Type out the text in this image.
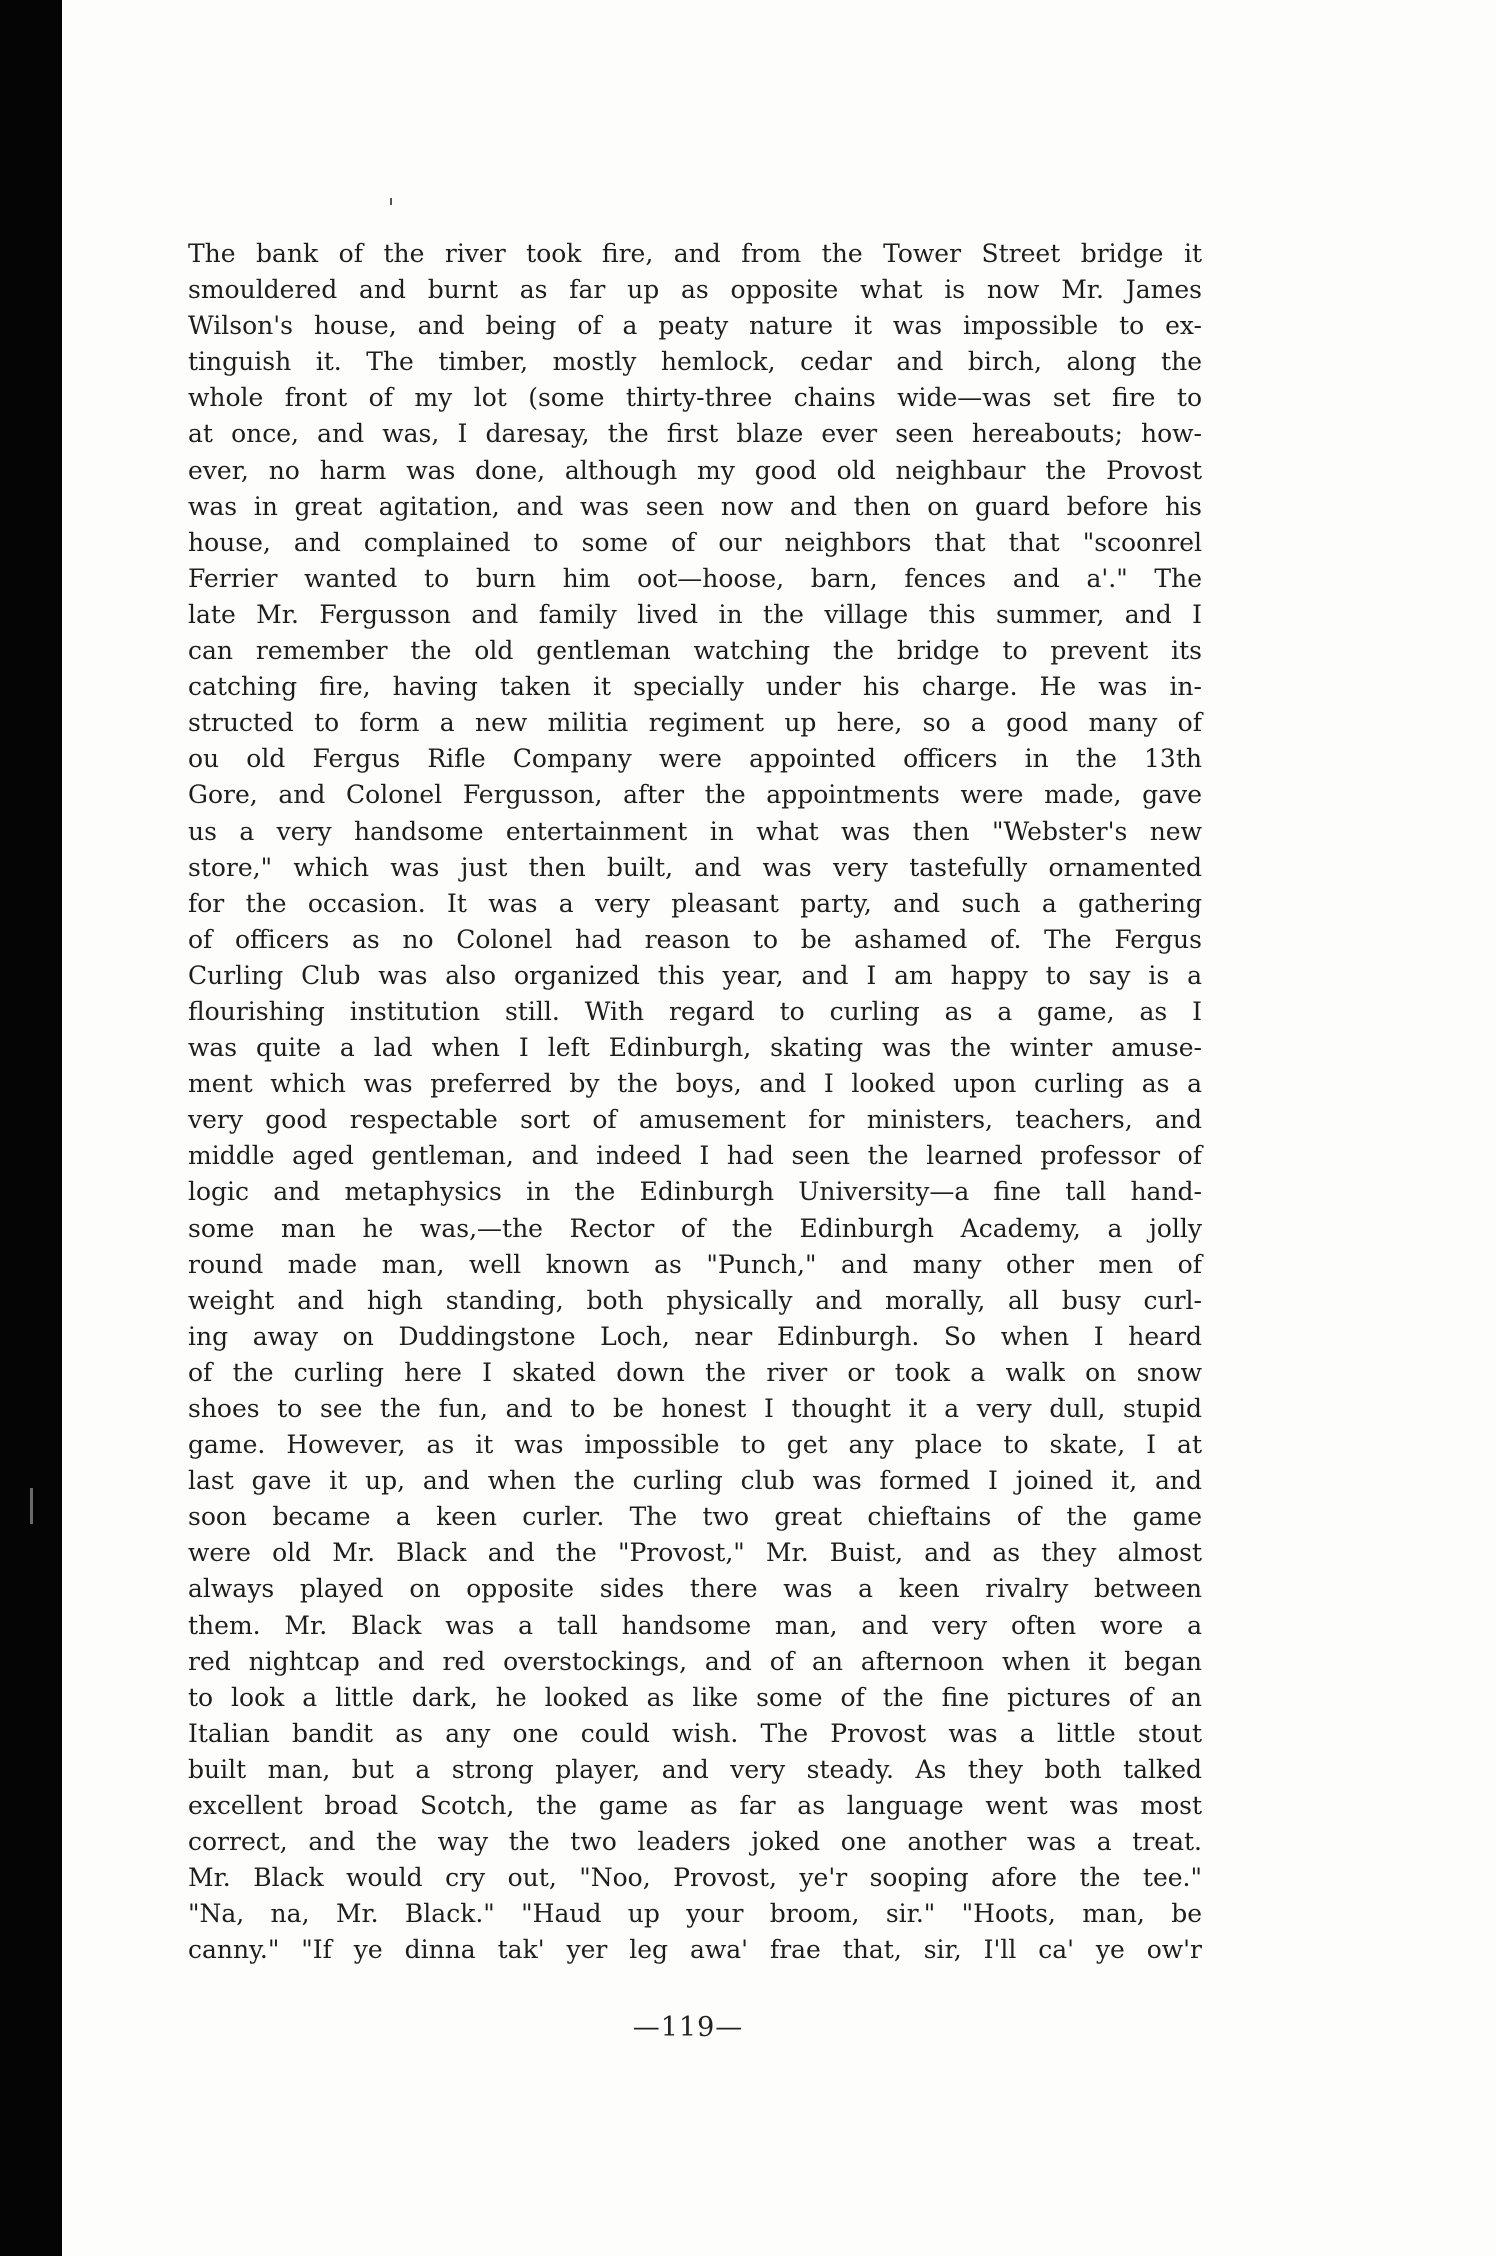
The bank of the river took fire, and from the Tower Street bridge it
smouldered and burnt as far up as opposite what is now Mr. James
Wilson's house, and being of a peaty nature it was impossible to ex-
tinguish it. The timber, mostly hemlock, cedar and birch, along the
whole front of my lot (some thirty-three chains wide—was set fire to
at once, and was, I daresay, the first blaze ever seen hereabouts; how-
ever, no harm was done, although my good old neighbaur the Provost
was in great agitation, and was seen now and then on guard before his
house, and complained to some of our neighbors that that "scoonrel
Ferrier wanted to burn him oot—hoose, barn, fences and a'." The
late Mr. Fergusson and family lived in the village this summer, and I
can remember the old gentleman watching the bridge to prevent its
catching fire, having taken it specially under his charge. He was in-
structed to form a new militia regiment up here, so a good many of
ou old Fergus Rifle Company were appointed officers in the 13th
Gore, and Colonel Fergusson, after the appointments were made, gave
us a very handsome entertainment in what was then "Webster's new
store," which was just then built, and was very tastefully ornamented
for the occasion. It was a very pleasant party, and such a gathering
of officers as no Colonel had reason to be ashamed of. The Fergus
Curling Club was also organized this year, and I am happy to say is a
flourishing institution still. With regard to curling as a game, as I
was quite a lad when I left Edinburgh, skating was the winter amuse-
ment which was preferred by the boys, and I looked upon curling as a
very good respectable sort of amusement for ministers, teachers, and
middle aged gentleman, and indeed I had seen the learned professor of
logic and metaphysics in the Edinburgh University—a fine tall hand-
some man he was,—the Rector of the Edinburgh Academy, a jolly
round made man, well known as "Punch," and many other men of
weight and high standing, both physically and morally, all busy curl-
ing away on Duddingstone Loch, near Edinburgh. So when I heard
of the curling here I skated down the river or took a walk on snow
shoes to see the fun, and to be honest I thought it a very dull, stupid
game. However, as it was impossible to get any place to skate, I at
last gave it up, and when the curling club was formed I joined it, and
soon became a keen curler. The two great chieftains of the game
were old Mr. Black and the "Provost," Mr. Buist, and as they almost
always played on opposite sides there was a keen rivalry between
them. Mr. Black was a tall handsome man, and very often wore a
red nightcap and red overstockings, and of an afternoon when it began
to look a little dark, he looked as like some of the fine pictures of an
Italian bandit as any one could wish. The Provost was a little stout
built man, but a strong player, and very steady. As they both talked
excellent broad Scotch, the game as far as language went was most
correct, and the way the two leaders joked one another was a treat.
Mr. Black would cry out, "Noo, Provost, ye'r sooping afore the tee."
"Na, na, Mr. Black." "Haud up your broom, sir." "Hoots, man, be
canny." "If ye dinna tak' yer leg awa' frae that, sir, I'll ca' ye ow'r
—119—
